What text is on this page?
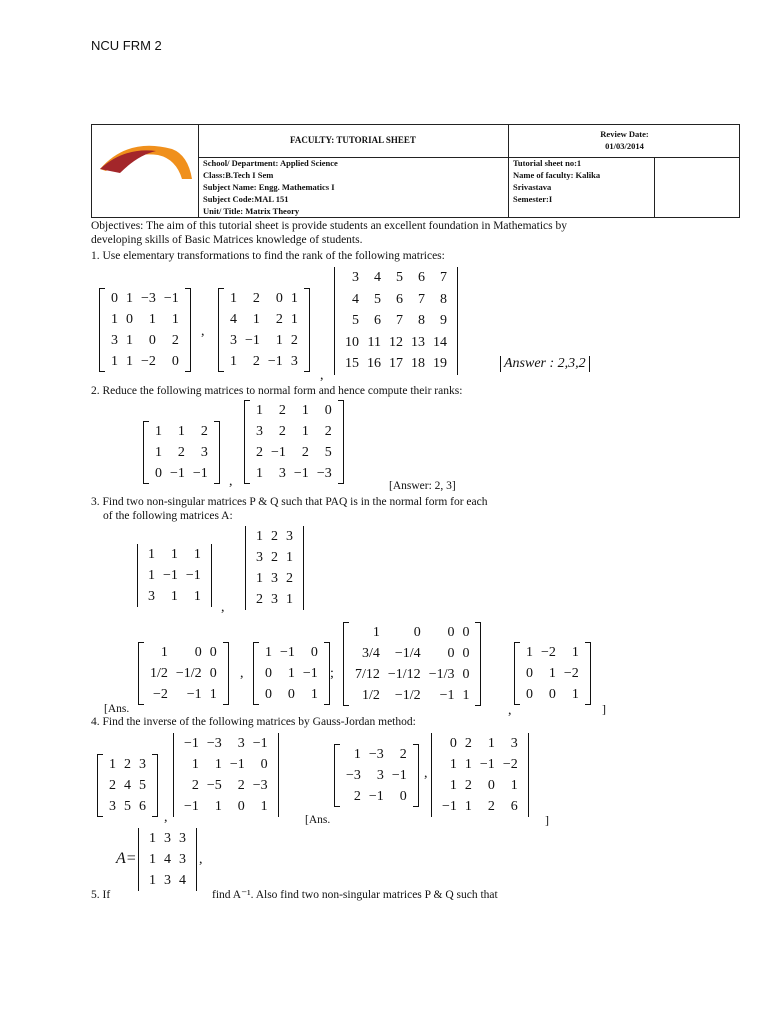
NCU FRM 2
FACULTY: TUTORIAL SHEET
Review Date:
01/03/2014
School/ Department: Applied Science
Class:B.Tech I Sem
Subject Name: Engg. Mathematics I
Subject Code:MAL 151
Unit/ Title: Matrix Theory
Tutorial sheet no:1
Name of faculty: Kalika
Srivastava
Semester:I
Objectives: The aim of this tutorial sheet is provide students an excellent foundation in Mathematics by
developing skills of Basic Matrices knowledge of students.
1. Use elementary transformations to find the rank of the following matrices:
0	1	−3	−1
1	0	1	1
3	1	0	2
1	1	−2	0
,
1	2	0	1
4	1	2	1
3	−1	1	2
1	2	−1	3
,
3	4	5	6	7
4	5	6	7	8
5	6	7	8	9
10	11	12	13	14
15	16	17	18	19	Answer : 2,3,2
2. Reduce the following matrices to normal form and hence compute their ranks:
1	1	2
1	2	3
0	−1	−1
,
1	2	1	0
3	2	1	2
2	−1	2	5
1	3	−1	−3
[Answer: 2, 3]
3. Find two non-singular matrices P & Q such that PAQ is in the normal form for each
of the following matrices A:
1	1	1
1	−1	−1
3	1	1
,
1	2	3
3	2	1
1	3	2
2	3	1
[Ans.
1	0	0
1/2	−1/2	0
−2	−1	1
,
1	−1	0
0	1	−1
0	0	1
;
1	0	0	0
3/4	−1/4	0	0
7/12	−1/12	−1/3	0
1/2	−1/2	−1	1
,
1	−2	1
0	1	−2
0	0	1
]
4. Find the inverse of the following matrices by Gauss-Jordan method:
1	2	3
2	4	5
3	5	6
,
−1	−3	3	−1
1	1	−1	0
2	−5	2	−3
−1	1	0	1
[Ans.
1	−3	2
−3	3	−1
2	−1	0
,
0	2	1	3
1	1	−1	−2
1	2	0	1
−1	1	2	6
]
A=
1	3	3
1	4	3
1	3	4
,
5. If	find A⁻¹. Also find two non-singular matrices P & Q such that
